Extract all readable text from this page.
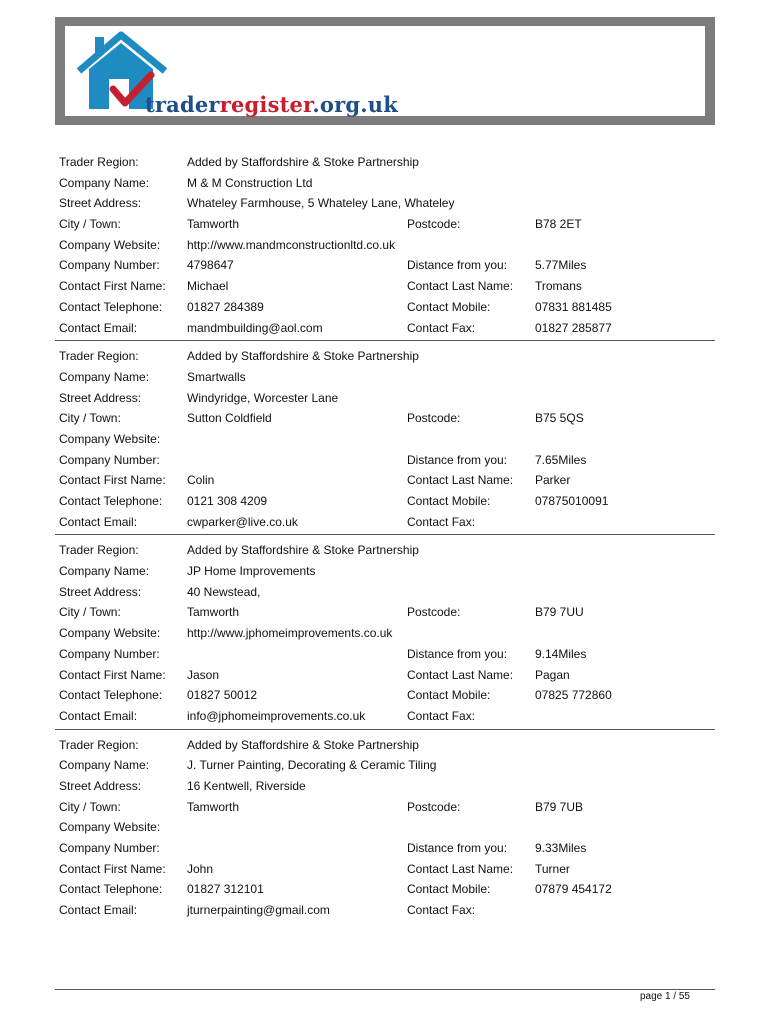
traderregister.org.uk
Trader Region:	Added by Staffordshire & Stoke Partnership
Company Name:	M & M Construction Ltd
Street Address:	Whateley Farmhouse, 5 Whateley Lane, Whateley
City / Town:	Tamworth	Postcode:	B78 2ET
Company Website: http://www.mandmconstructionltd.co.uk
Company Number: 4798647	Distance from you: 5.77Miles
Contact First Name: Michael	Contact Last Name: Tromans
Contact Telephone: 01827 284389	Contact Mobile:	07831 881485
Contact Email:	mandmbuilding@aol.com	Contact Fax:	01827 285877
Trader Region:	Added by Staffordshire & Stoke Partnership
Company Name:	Smartwalls
Street Address:	Windyridge, Worcester Lane
City / Town:	Sutton Coldfield	Postcode:	B75 5QS
Company Website:
Company Number:	Distance from you: 7.65Miles
Contact First Name: Colin	Contact Last Name: Parker
Contact Telephone: 0121 308 4209	Contact Mobile:	07875010091
Contact Email:	cwparker@live.co.uk	Contact Fax:
Trader Region:	Added by Staffordshire & Stoke Partnership
Company Name:	JP Home Improvements
Street Address:	40 Newstead,
City / Town:	Tamworth	Postcode:	B79 7UU
Company Website: http://www.jphomeimprovements.co.uk
Company Number:	Distance from you: 9.14Miles
Contact First Name: Jason	Contact Last Name: Pagan
Contact Telephone: 01827 50012	Contact Mobile:	07825 772860
Contact Email:	info@jphomeimprovements.co.uk	Contact Fax:
Trader Region:	Added by Staffordshire & Stoke Partnership
Company Name:	J. Turner Painting, Decorating & Ceramic Tiling
Street Address:	16 Kentwell, Riverside
City / Town:	Tamworth	Postcode:	B79 7UB
Company Website:
Company Number:	Distance from you: 9.33Miles
Contact First Name: John	Contact Last Name: Turner
Contact Telephone: 01827 312101	Contact Mobile:	07879 454172
Contact Email:	jturnerpainting@gmail.com	Contact Fax:
page 1 / 55
